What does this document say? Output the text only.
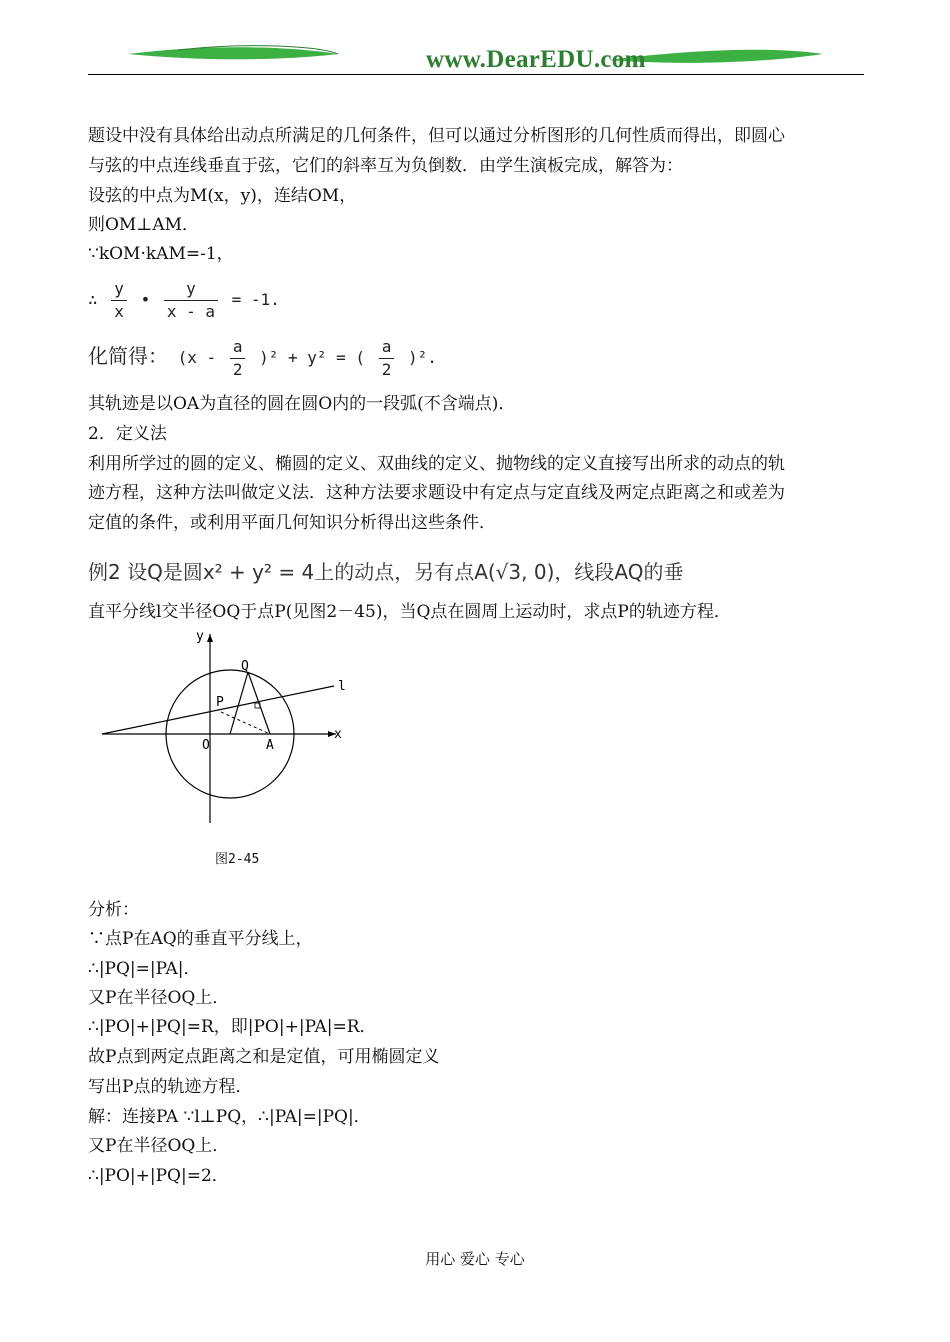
www.DearEDU.com
题设中没有具体给出动点所满足的几何条件，但可以通过分析图形的几何性质而得出，即圆心
与弦的中点连线垂直于弦，它们的斜率互为负倒数．由学生演板完成，解答为：
设弦的中点为M(x，y)，连结OM，
则OM⊥AM．
∵kOM·kAM=-1，
∴ $\frac{y}{x}$ • $\frac{y}{x - a} = -1$.
化简得： $(x - \frac{a}{2} )^2 + y^2$ = ( $\frac{a}{2} )^2$.
其轨迹是以OA为直径的圆在圆O内的一段弧(不含端点)．
2．定义法
利用所学过的圆的定义、椭圆的定义、双曲线的定义、抛物线的定义直接写出所求的动点的轨
迹方程，这种方法叫做定义法．这种方法要求题设中有定点与定直线及两定点距离之和或差为
定值的条件，或利用平面几何知识分析得出这些条件．
例2 设Q是圆x² + y² = 4上的动点，另有点A(√3, 0)，线段AQ的垂
直平分线l交半径OQ于点P(见图2－45)，当Q点在圆周上运动时，求点P的轨迹方程．
y
x
Q
P
O	A
l
图2-45
分析：
∵点P在AQ的垂直平分线上，
∴|PQ|=|PA|．
又P在半径OQ上．
∴|PO|+|PQ|=R，即|PO|+|PA|=R．
故P点到两定点距离之和是定值，可用椭圆定义
写出P点的轨迹方程．
解：连接PA ∵l⊥PQ，∴|PA|=|PQ|．
又P在半径OQ上．
∴|PO|+|PQ|=2．
用心 爱心 专心
